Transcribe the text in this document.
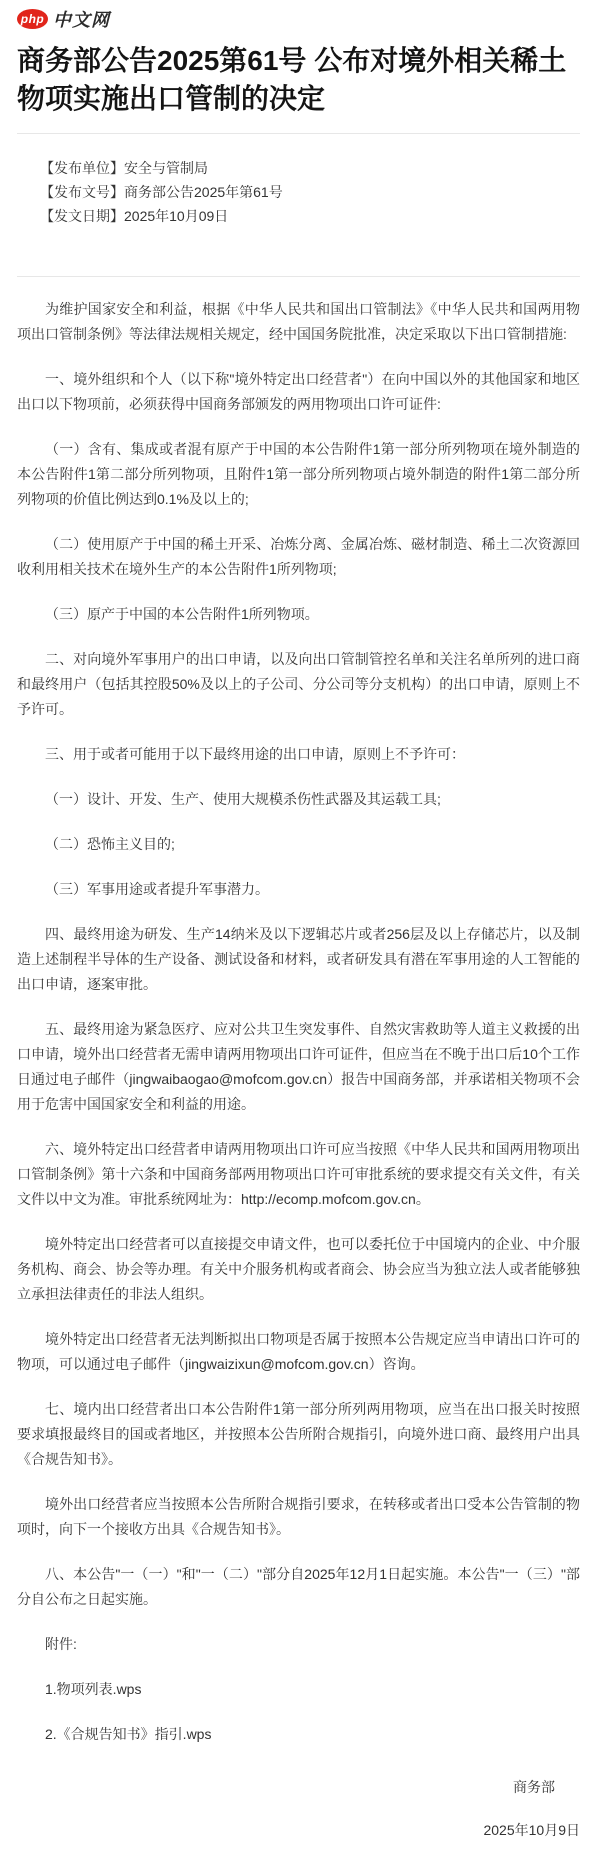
php 中文网
商务部公告2025第61号 公布对境外相关稀土物项实施出口管制的决定
【发布单位】安全与管制局
【发布文号】商务部公告2025年第61号
【发文日期】2025年10月09日

为维护国家安全和利益，根据《中华人民共和国出口管制法》《中华人民共和国两用物项出口管制条例》等法律法规相关规定，经中国国务院批准，决定采取以下出口管制措施:

一、境外组织和个人（以下称"境外特定出口经营者"）在向中国以外的其他国家和地区出口以下物项前，必须获得中国商务部颁发的两用物项出口许可证件:

（一）含有、集成或者混有原产于中国的本公告附件1第一部分所列物项在境外制造的本公告附件1第二部分所列物项，且附件1第一部分所列物项占境外制造的附件1第二部分所列物项的价值比例达到0.1%及以上的;

（二）使用原产于中国的稀土开采、冶炼分离、金属冶炼、磁材制造、稀土二次资源回收利用相关技术在境外生产的本公告附件1所列物项;

（三）原产于中国的本公告附件1所列物项。

二、对向境外军事用户的出口申请，以及向出口管制管控名单和关注名单所列的进口商和最终用户（包括其控股50%及以上的子公司、分公司等分支机构）的出口申请，原则上不予许可。

三、用于或者可能用于以下最终用途的出口申请，原则上不予许可：

（一）设计、开发、生产、使用大规模杀伤性武器及其运载工具;

（二）恐怖主义目的;

（三）军事用途或者提升军事潜力。

四、最终用途为研发、生产14纳米及以下逻辑芯片或者256层及以上存储芯片，以及制造上述制程半导体的生产设备、测试设备和材料，或者研发具有潜在军事用途的人工智能的出口申请，逐案审批。

五、最终用途为紧急医疗、应对公共卫生突发事件、自然灾害救助等人道主义救援的出口申请，境外出口经营者无需申请两用物项出口许可证件，但应当在不晚于出口后10个工作日通过电子邮件（jingwaibaogao@mofcom.gov.cn）报告中国商务部，并承诺相关物项不会用于危害中国国家安全和利益的用途。

六、境外特定出口经营者申请两用物项出口许可应当按照《中华人民共和国两用物项出口管制条例》第十六条和中国商务部两用物项出口许可审批系统的要求提交有关文件，有关文件以中文为准。审批系统网址为：http://ecomp.mofcom.gov.cn。

境外特定出口经营者可以直接提交申请文件，也可以委托位于中国境内的企业、中介服务机构、商会、协会等办理。有关中介服务机构或者商会、协会应当为独立法人或者能够独立承担法律责任的非法人组织。

境外特定出口经营者无法判断拟出口物项是否属于按照本公告规定应当申请出口许可的物项，可以通过电子邮件（jingwaizixun@mofcom.gov.cn）咨询。

七、境内出口经营者出口本公告附件1第一部分所列两用物项，应当在出口报关时按照要求填报最终目的国或者地区，并按照本公告所附合规指引，向境外进口商、最终用户出具《合规告知书》。

境外出口经营者应当按照本公告所附合规指引要求，在转移或者出口受本公告管制的物项时，向下一个接收方出具《合规告知书》。

八、本公告"一（一）"和"一（二）"部分自2025年12月1日起实施。本公告"一（三）"部分自公布之日起实施。

附件:

1.物项列表.wps

2.《合规告知书》指引.wps

商务部
2025年10月9日
